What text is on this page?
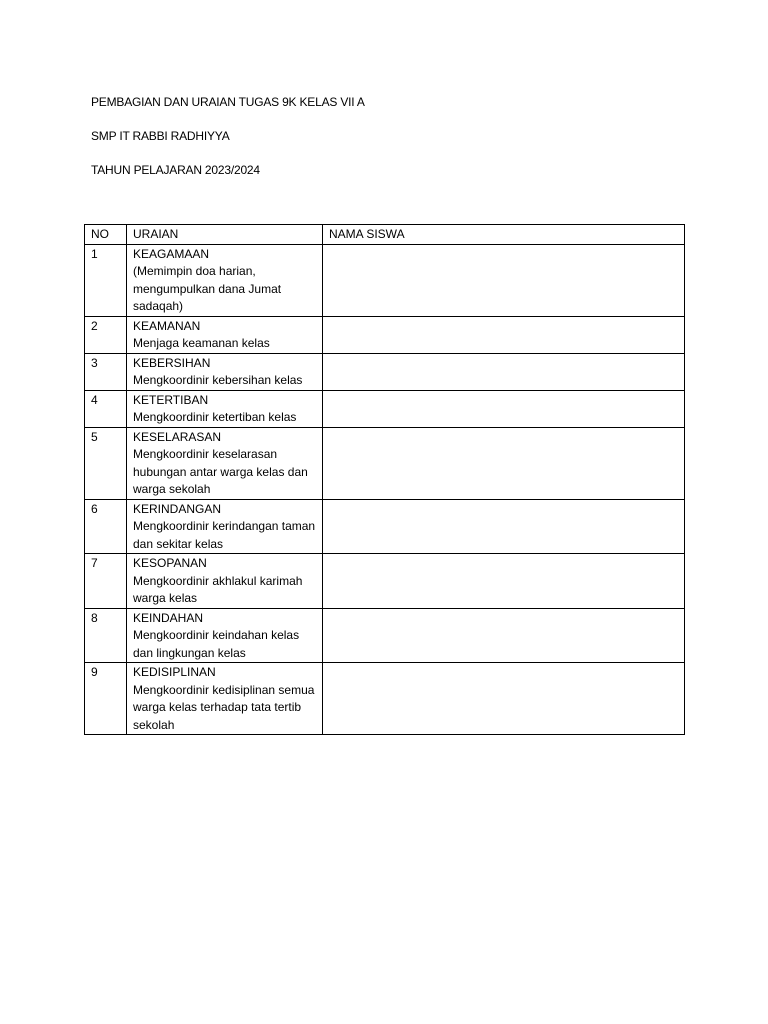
PEMBAGIAN DAN URAIAN TUGAS 9K KELAS VII A
SMP IT RABBI RADHIYYA
TAHUN PELAJARAN 2023/2024
NO	URAIAN	NAMA SISWA
1	KEAGAMAAN
(Memimpin doa harian, mengumpulkan dana Jumat sadaqah)	

2	KEAMANAN
Menjaga keamanan kelas	

3	KEBERSIHAN
Mengkoordinir kebersihan kelas	

4	KETERTIBAN
Mengkoordinir ketertiban kelas	

5	KESELARASAN
Mengkoordinir keselarasan hubungan antar warga kelas dan warga sekolah	

6	KERINDANGAN
Mengkoordinir kerindangan taman dan sekitar kelas	

7	KESOPANAN
Mengkoordinir akhlakul karimah warga kelas	

8	KEINDAHAN
Mengkoordinir keindahan kelas dan lingkungan kelas	

9	KEDISIPLINAN
Mengkoordinir kedisiplinan semua warga kelas terhadap tata tertib sekolah	
